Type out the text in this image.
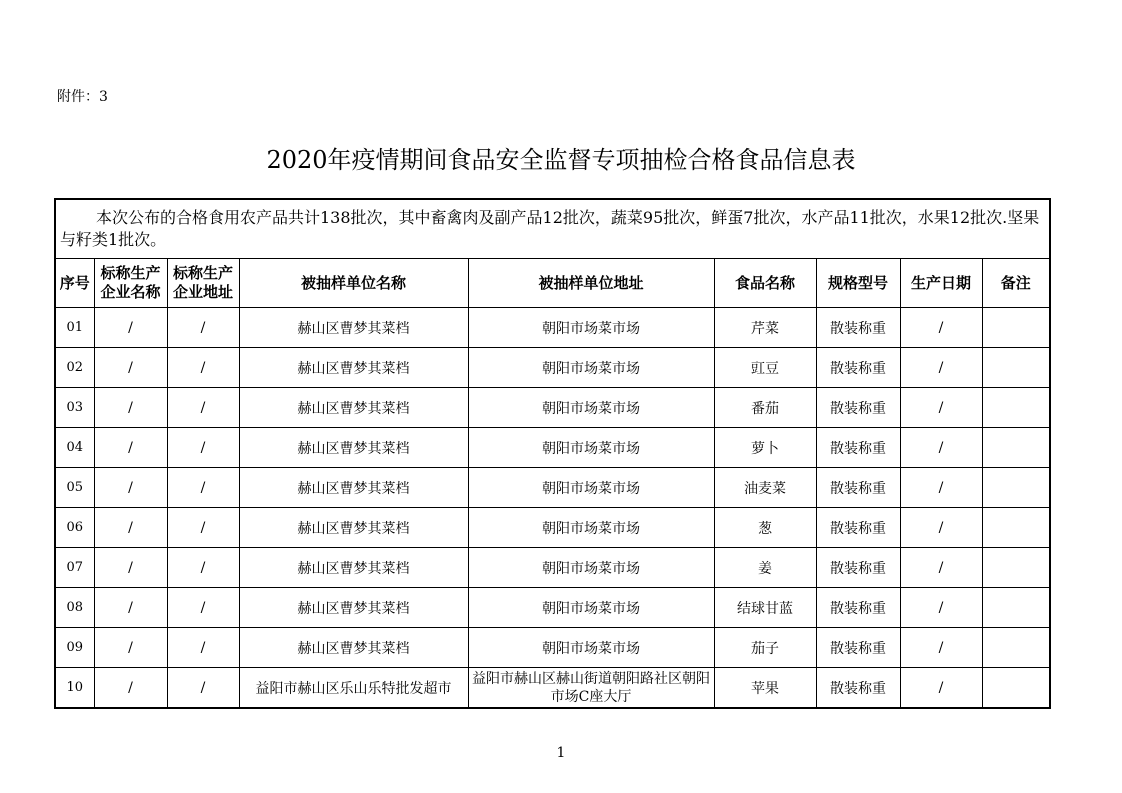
附件：3
2020年疫情期间食品安全监督专项抽检合格食品信息表
本次公布的合格食用农产品共计138批次，其中畜禽肉及副产品12批次，蔬菜95批次，鲜蛋7批次，水产品11批次，水果12批次.坚果与籽类1批次。								
序号	标称生产企业名称	标称生产企业地址	被抽样单位名称	被抽样单位地址	食品名称	规格型号	生产日期	备注
01	/	/	赫山区曹梦其菜档	朝阳市场菜市场	芹菜	散装称重	/	
02	/	/	赫山区曹梦其菜档	朝阳市场菜市场	豇豆	散装称重	/	
03	/	/	赫山区曹梦其菜档	朝阳市场菜市场	番茄	散装称重	/	
04	/	/	赫山区曹梦其菜档	朝阳市场菜市场	萝卜	散装称重	/	
05	/	/	赫山区曹梦其菜档	朝阳市场菜市场	油麦菜	散装称重	/	
06	/	/	赫山区曹梦其菜档	朝阳市场菜市场	葱	散装称重	/	
07	/	/	赫山区曹梦其菜档	朝阳市场菜市场	姜	散装称重	/	
08	/	/	赫山区曹梦其菜档	朝阳市场菜市场	结球甘蓝	散装称重	/	
09	/	/	赫山区曹梦其菜档	朝阳市场菜市场	茄子	散装称重	/	
10	/	/	益阳市赫山区乐山乐特批发超市	益阳市赫山区赫山街道朝阳路社区朝阳市场C座大厅	苹果	散装称重	/	
1
